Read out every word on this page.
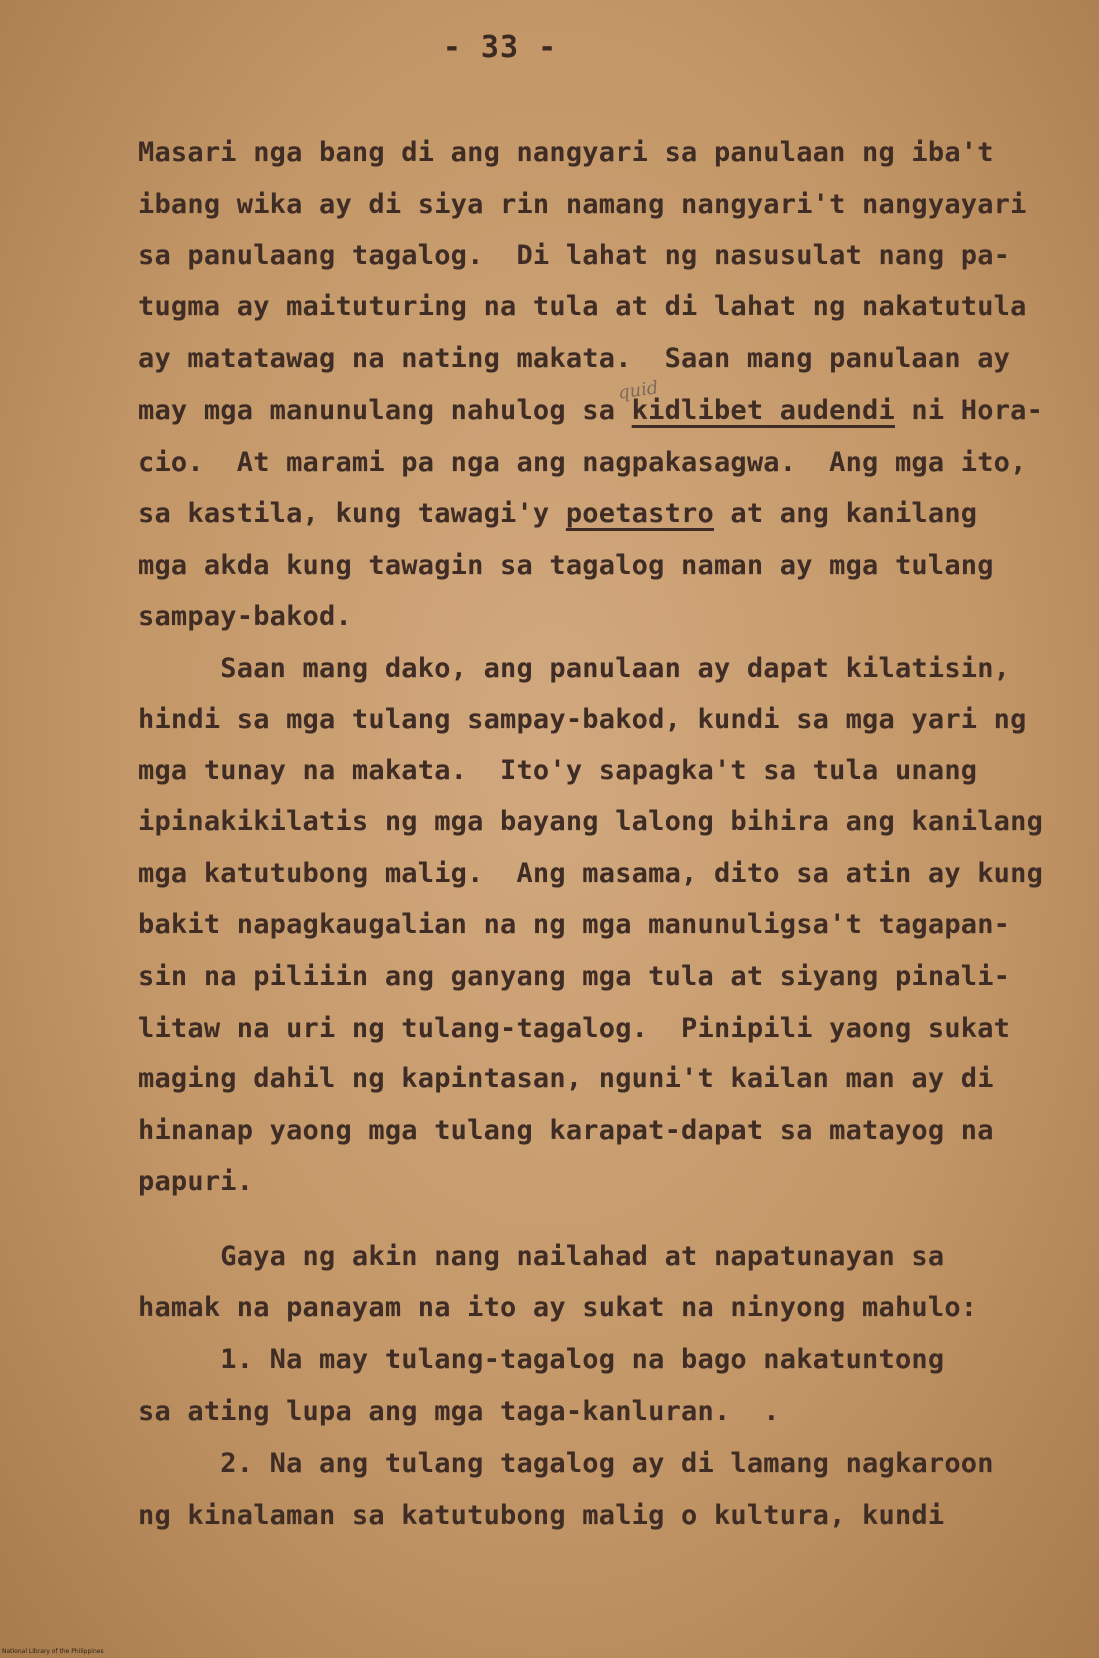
- 33 -
Masari nga bang di ang nangyari sa panulaan ng iba't
ibang wika ay di siya rin namang nangyari't nangyayari
sa panulaang tagalog.  Di lahat ng nasusulat nang pa-
tugma ay maituturing na tula at di lahat ng nakatutula
ay matatawag na nating makata.  Saan mang panulaan ay
may mga manunulang nahulog sa kidlibet audendi ni Hora-
cio.  At marami pa nga ang nagpakasagwa.  Ang mga ito,
sa kastila, kung tawagi'y poetastro at ang kanilang
mga akda kung tawagin sa tagalog naman ay mga tulang
sampay-bakod.
Saan mang dako, ang panulaan ay dapat kilatisin,
hindi sa mga tulang sampay-bakod, kundi sa mga yari ng
mga tunay na makata.  Ito'y sapagka't sa tula unang
ipinakikilatis ng mga bayang lalong bihira ang kanilang
mga katutubong malig.  Ang masama, dito sa atin ay kung
bakit napagkaugalian na ng mga manunuligsa't tagapan-
sin na piliiin ang ganyang mga tula at siyang pinali-
litaw na uri ng tulang-tagalog.  Pinipili yaong sukat
maging dahil ng kapintasan, nguni't kailan man ay di
hinanap yaong mga tulang karapat-dapat sa matayog na
papuri.
Gaya ng akin nang nailahad at napatunayan sa
hamak na panayam na ito ay sukat na ninyong mahulo:
1. Na may tulang-tagalog na bago nakatuntong
sa ating lupa ang mga taga-kanluran.  .
2. Na ang tulang tagalog ay di lamang nagkaroon
ng kinalaman sa katutubong malig o kultura, kundi
quid
National Library of the Philippines
